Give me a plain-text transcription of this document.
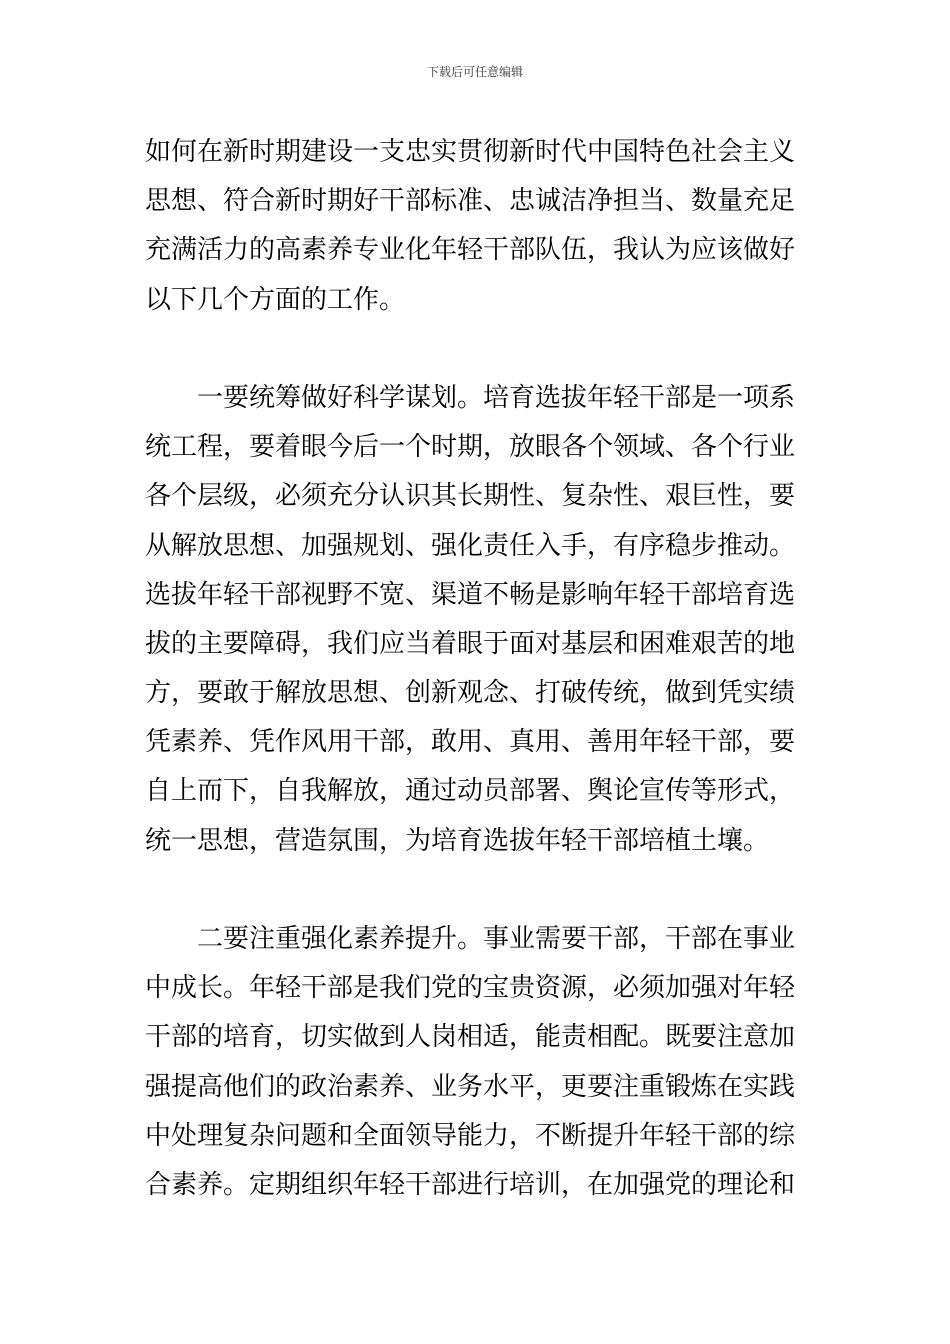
下载后可任意编辑
如何在新时期建设一支忠实贯彻新时代中国特色社会主义
思想、符合新时期好干部标准、忠诚洁净担当、数量充足
充满活力的高素养专业化年轻干部队伍，我认为应该做好
以下几个方面的工作。
　　一要统筹做好科学谋划。培育选拔年轻干部是一项系
统工程，要着眼今后一个时期，放眼各个领域、各个行业
各个层级，必须充分认识其长期性、复杂性、艰巨性，要
从解放思想、加强规划、强化责任入手，有序稳步推动。
选拔年轻干部视野不宽、渠道不畅是影响年轻干部培育选
拔的主要障碍，我们应当着眼于面对基层和困难艰苦的地
方，要敢于解放思想、创新观念、打破传统，做到凭实绩
凭素养、凭作风用干部，敢用、真用、善用年轻干部，要
自上而下，自我解放，通过动员部署、舆论宣传等形式，
统一思想，营造氛围，为培育选拔年轻干部培植土壤。
　　二要注重强化素养提升。事业需要干部，干部在事业
中成长。年轻干部是我们党的宝贵资源，必须加强对年轻
干部的培育，切实做到人岗相适，能责相配。既要注意加
强提高他们的政治素养、业务水平，更要注重锻炼在实践
中处理复杂问题和全面领导能力，不断提升年轻干部的综
合素养。定期组织年轻干部进行培训，在加强党的理论和
